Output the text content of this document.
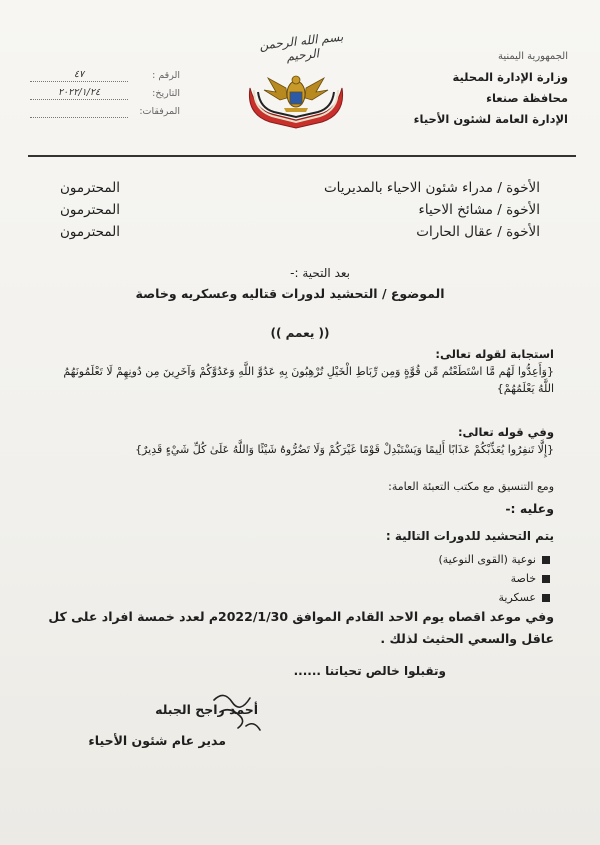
الجمهورية اليمنية
وزارة الإدارة المحلية
محافظة صنعاء
الإدارة العامة لشئون الأحياء
بسم الله الرحمن الرحيم
الرقم :
٤٧
التاريخ:
٢٠٢٢/١/٢٤
المرفقات:
الأخوة / مدراء شئون الاحياء بالمديريات
المحترمون
الأخوة / مشائخ الاحياء
المحترمون
الأخوة / عقال الحارات
المحترمون
بعد التحية :-
الموضوع / التحشيد لدورات قتاليه وعسكريه وخاصة
(( يعمم ))
استجابة لقوله تعالى:
{وَأَعِدُّوا لَهُم مَّا اسْتَطَعْتُم مِّن قُوَّةٍ وَمِن رِّبَاطِ الْخَيْلِ تُرْهِبُونَ بِهِ عَدُوَّ اللَّهِ وَعَدُوَّكُمْ وَآخَرِينَ مِن دُونِهِمْ لَا تَعْلَمُونَهُمُ اللَّهُ يَعْلَمُهُمْ}
وفي قوله تعالى:
{إِلَّا تَنفِرُوا يُعَذِّبْكُمْ عَذَابًا أَلِيمًا وَيَسْتَبْدِلْ قَوْمًا غَيْرَكُمْ وَلَا تَضُرُّوهُ شَيْئًا وَاللَّهُ عَلَىٰ كُلِّ شَيْءٍ قَدِيرٌ}
ومع التنسيق مع مكتب التعبئة العامة:
وعليه :-
يتم التحشيد للدورات التالية :
نوعية (القوى النوعية)
خاصة
عسكرية
وفي موعد اقصاه يوم الاحد القادم الموافق 2022/1/30م لعدد خمسة افراد على كل عاقل والسعي الحثيث لذلك .
وتقبلوا خالص تحياتنا ......
أحمد راجح الجبله
مدير عام شئون الأحياء
